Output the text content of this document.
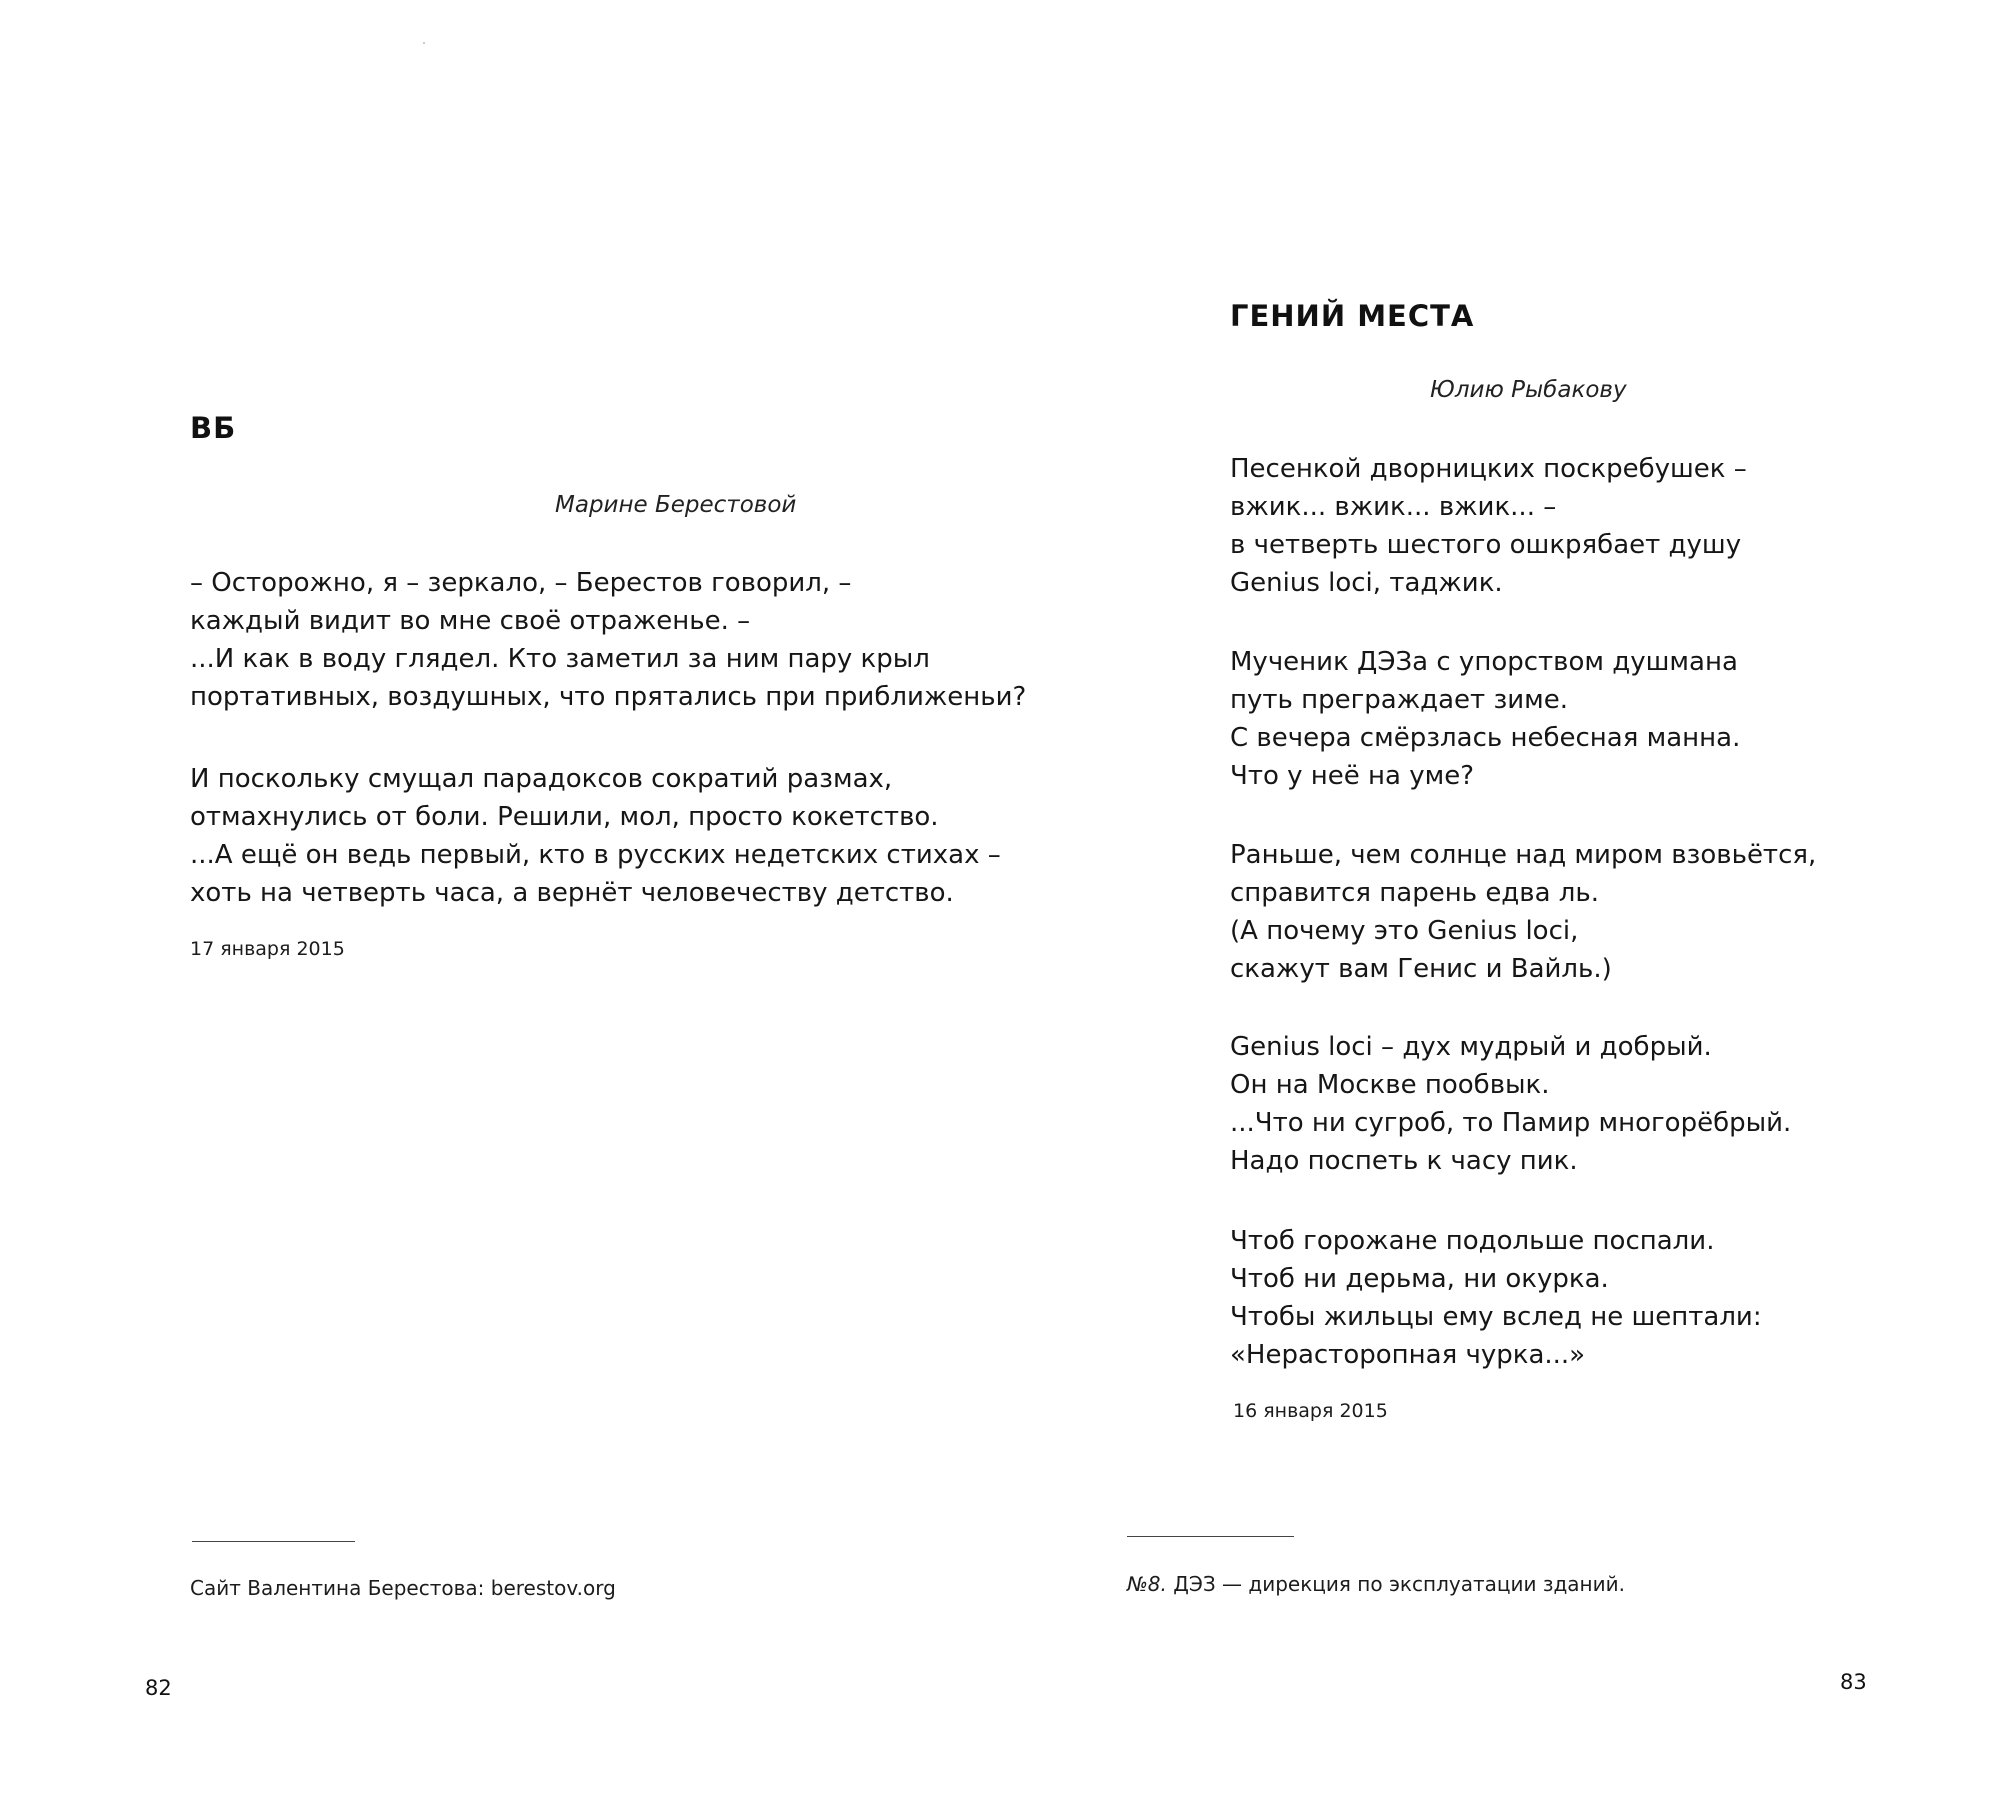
ВБ

Марине Берестовой

– Осторожно, я – зеркало, – Берестов говорил, –
каждый видит во мне своё отраженье. –
...И как в воду глядел. Кто заметил за ним пару крыл
портативных, воздушных, что прятались при приближеньи?
И поскольку смущал парадоксов сократий размах,
отмахнулись от боли. Решили, мол, просто кокетство.
...А ещё он ведь первый, кто в русских недетских стихах –
хоть на четверть часа, а вернёт человечеству детство.

17 января 2015

Сайт Валентина Берестова: berestov.org

82

ГЕНИЙ МЕСТА

Юлию Рыбакову

Песенкой дворницких поскребушек –
вжик... вжик... вжик... –
в четверть шестого ошкрябает душу
Genius loci, таджик.
Мученик ДЭЗа с упорством душмана
путь преграждает зиме.
С вечера смёрзлась небесная манна.
Что у неё на уме?
Раньше, чем солнце над миром взовьётся,
справится парень едва ль.
(А почему это Genius loci,
скажут вам Генис и Вайль.)
Genius loci – дух мудрый и добрый.
Он на Москве пообвык.
...Что ни сугроб, то Памир многорёбрый.
Надо поспеть к часу пик.
Чтоб горожане подольше поспали.
Чтоб ни дерьма, ни окурка.
Чтобы жильцы ему вслед не шептали:
«Нерасторопная чурка...»

16 января 2015

№8. ДЭЗ — дирекция по эксплуатации зданий.

83
